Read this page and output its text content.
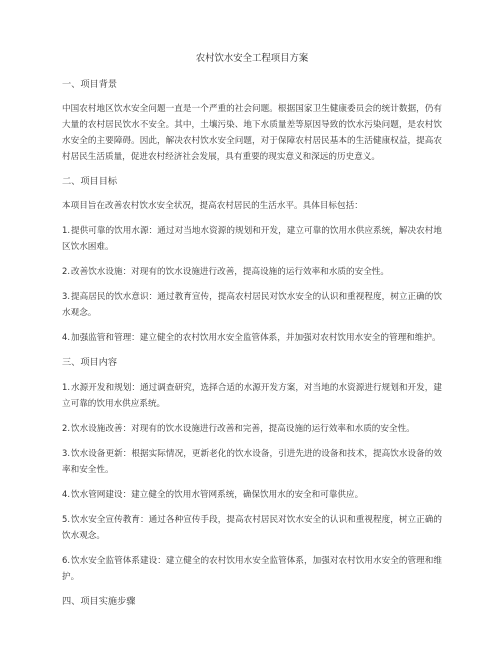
农村饮水安全工程项目方案
一、项目背景

中国农村地区饮水安全问题一直是一个严重的社会问题。根据国家卫生健康委员会的统计数据，仍有大量的农村居民饮水不安全。其中，土壤污染、地下水质量差等原因导致的饮水污染问题，是农村饮水安全的主要障碍。因此，解决农村饮水安全问题，对于保障农村居民基本的生活健康权益，提高农村居民生活质量，促进农村经济社会发展，具有重要的现实意义和深远的历史意义。

二、项目目标

本项目旨在改善农村饮水安全状况，提高农村居民的生活水平。具体目标包括：

1.提供可靠的饮用水源：通过对当地水资源的规划和开发，建立可靠的饮用水供应系统，解决农村地区饮水困难。

2.改善饮水设施：对现有的饮水设施进行改善，提高设施的运行效率和水质的安全性。

3.提高居民的饮水意识：通过教育宣传，提高农村居民对饮水安全的认识和重视程度，树立正确的饮水观念。

4.加强监管和管理：建立健全的农村饮用水安全监管体系，并加强对农村饮用水安全的管理和维护。

三、项目内容

1.水源开发和规划：通过调查研究，选择合适的水源开发方案，对当地的水资源进行规划和开发，建立可靠的饮用水供应系统。

2.饮水设施改善：对现有的饮水设施进行改善和完善，提高设施的运行效率和水质的安全性。

3.饮水设备更新：根据实际情况，更新老化的饮水设备，引进先进的设备和技术，提高饮水设备的效率和安全性。

4.饮水管网建设：建立健全的饮用水管网系统，确保饮用水的安全和可靠供应。

5.饮水安全宣传教育：通过各种宣传手段，提高农村居民对饮水安全的认识和重视程度，树立正确的饮水观念。

6.饮水安全监管体系建设：建立健全的农村饮用水安全监管体系，加强对农村饮用水安全的管理和维护。

四、项目实施步骤
